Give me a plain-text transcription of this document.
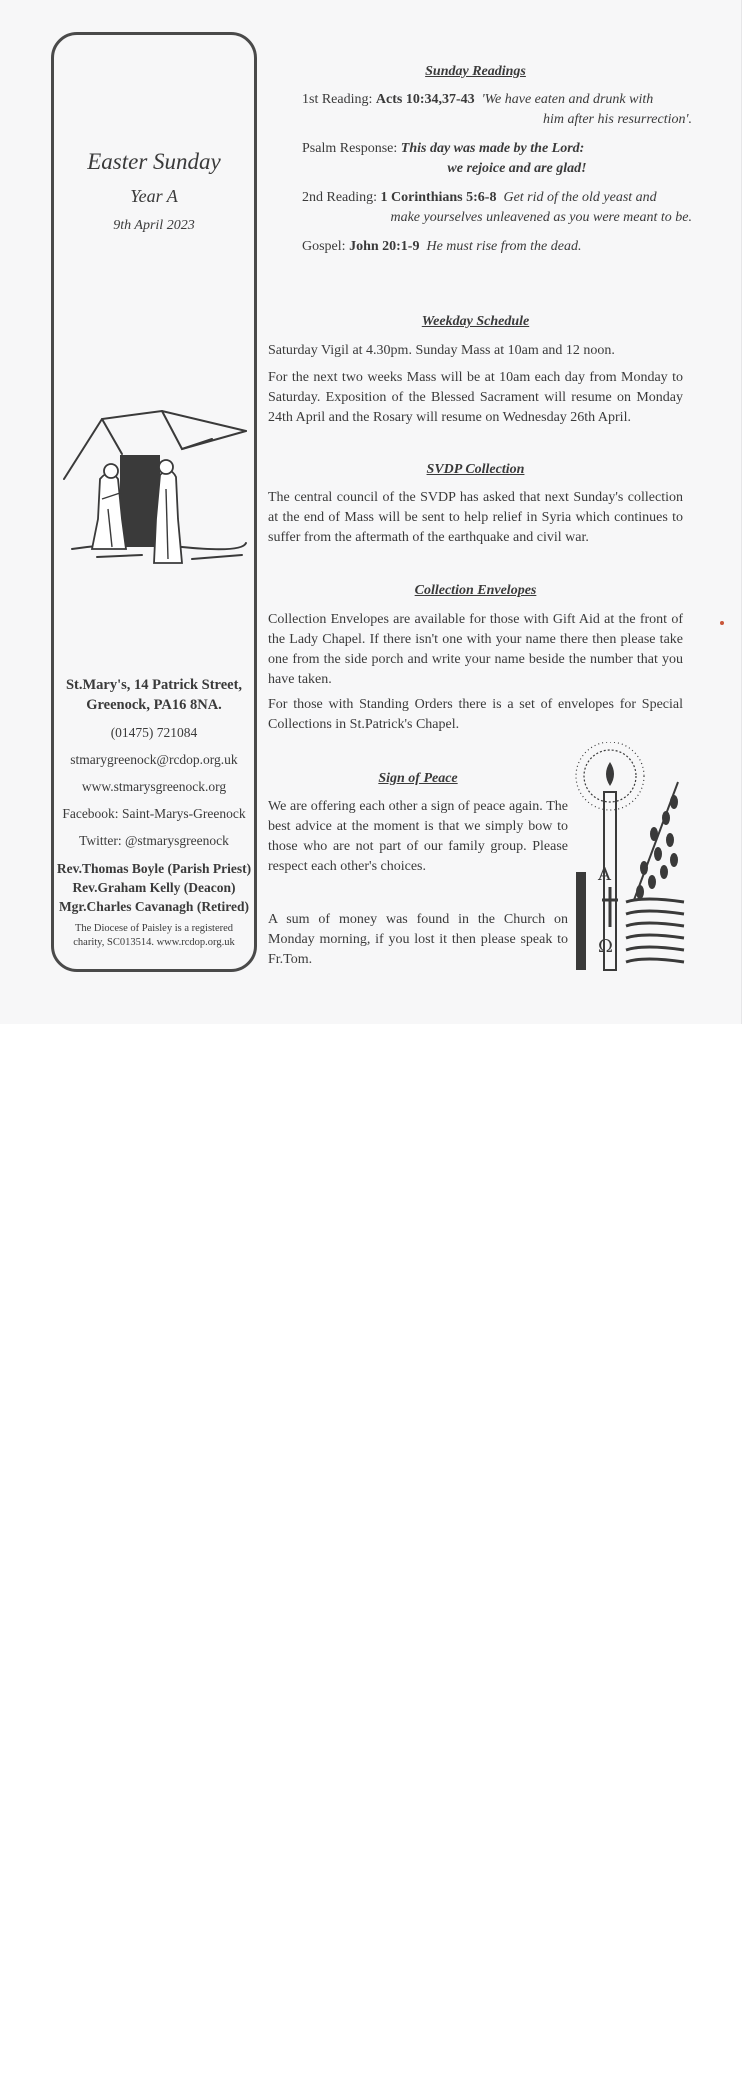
Easter Sunday
Year A
9th April 2023

St.Mary's, 14 Patrick Street,
Greenock, PA16 8NA.

(01475) 721084

stmarygreenock@rcdop.org.uk

www.stmarysgreenock.org

Facebook: Saint-Marys-Greenock

Twitter: @stmarysgreenock

Rev.Thomas Boyle (Parish Priest)
Rev.Graham Kelly (Deacon)
Mgr.Charles Cavanagh (Retired)
The Diocese of Paisley is a registered charity, SC013514. www.rcdop.org.uk
Sunday Readings
1st Reading: Acts 10:34,37-43 'We have eaten and drunk with
him after his resurrection'.
Psalm Response: This day was made by the Lord:
we rejoice and are glad!
2nd Reading: 1 Corinthians 5:6-8 Get rid of the old yeast and
make yourselves unleavened as you were meant to be.
Gospel: John 20:1-9 He must rise from the dead.
Weekday Schedule

Saturday Vigil at 4.30pm. Sunday Mass at 10am and 12 noon.

For the next two weeks Mass will be at 10am each day from Monday to Saturday. Exposition of the Blessed Sacrament will resume on Monday 24th April and the Rosary will resume on Wednesday 26th April.

SVDP Collection

The central council of the SVDP has asked that next Sunday's collection at the end of Mass will be sent to help relief in Syria which continues to suffer from the aftermath of the earthquake and civil war.

Collection Envelopes

Collection Envelopes are available for those with Gift Aid at the front of the Lady Chapel. If there isn't one with your name there then please take one from the side porch and write your name beside the number that you have taken.

For those with Standing Orders there is a set of envelopes for Special Collections in St.Patrick's Chapel.

Sign of Peace

We are offering each other a sign of peace again. The best advice at the moment is that we simply bow to those who are not part of our family group. Please respect each other's choices.

A sum of money was found in the Church on Monday morning, if you lost it then please speak to Fr.Tom.

A
Ω
